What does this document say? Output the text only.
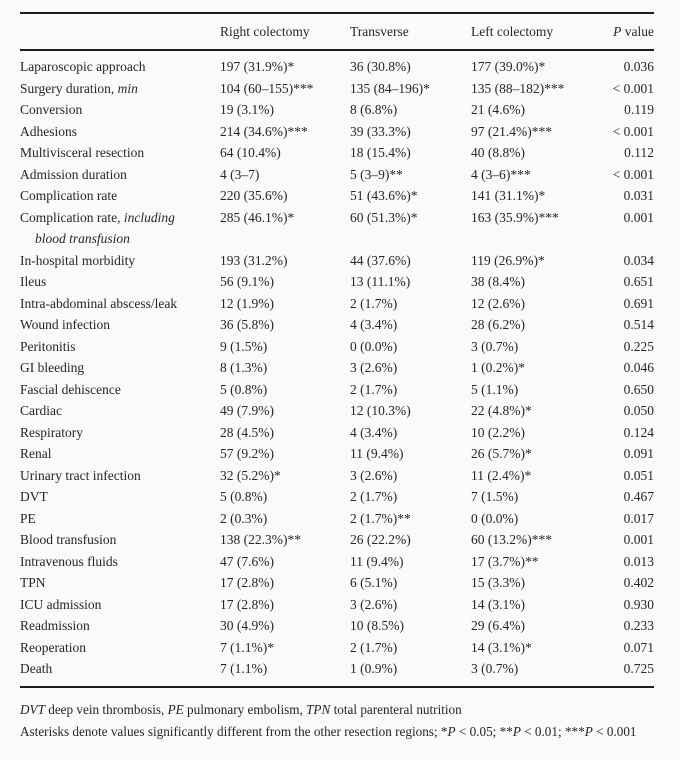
	Right colectomy	Transverse	Left colectomy	P value
Laparoscopic approach	197 (31.9%)*	36 (30.8%)	177 (39.0%)*	0.036
Surgery duration, min	104 (60–155)***	135 (84–196)*	135 (88–182)***	< 0.001
Conversion	19 (3.1%)	8 (6.8%)	21 (4.6%)	0.119
Adhesions	214 (34.6%)***	39 (33.3%)	97 (21.4%)***	< 0.001
Multivisceral resection	64 (10.4%)	18 (15.4%)	40 (8.8%)	0.112
Admission duration	4 (3–7)	5 (3–9)**	4 (3–6)***	< 0.001
Complication rate	220 (35.6%)	51 (43.6%)*	141 (31.1%)*	0.031
Complication rate, including
blood transfusion	285 (46.1%)*	60 (51.3%)*	163 (35.9%)***	0.001
In-hospital morbidity	193 (31.2%)	44 (37.6%)	119 (26.9%)*	0.034
Ileus	56 (9.1%)	13 (11.1%)	38 (8.4%)	0.651
Intra-abdominal abscess/leak	12 (1.9%)	2 (1.7%)	12 (2.6%)	0.691
Wound infection	36 (5.8%)	4 (3.4%)	28 (6.2%)	0.514
Peritonitis	9 (1.5%)	0 (0.0%)	3 (0.7%)	0.225
GI bleeding	8 (1.3%)	3 (2.6%)	1 (0.2%)*	0.046
Fascial dehiscence	5 (0.8%)	2 (1.7%)	5 (1.1%)	0.650
Cardiac	49 (7.9%)	12 (10.3%)	22 (4.8%)*	0.050
Respiratory	28 (4.5%)	4 (3.4%)	10 (2.2%)	0.124
Renal	57 (9.2%)	11 (9.4%)	26 (5.7%)*	0.091
Urinary tract infection	32 (5.2%)*	3 (2.6%)	11 (2.4%)*	0.051
DVT	5 (0.8%)	2 (1.7%)	7 (1.5%)	0.467
PE	2 (0.3%)	2 (1.7%)**	0 (0.0%)	0.017
Blood transfusion	138 (22.3%)**	26 (22.2%)	60 (13.2%)***	0.001
Intravenous fluids	47 (7.6%)	11 (9.4%)	17 (3.7%)**	0.013
TPN	17 (2.8%)	6 (5.1%)	15 (3.3%)	0.402
ICU admission	17 (2.8%)	3 (2.6%)	14 (3.1%)	0.930
Readmission	30 (4.9%)	10 (8.5%)	29 (6.4%)	0.233
Reoperation	7 (1.1%)*	2 (1.7%)	14 (3.1%)*	0.071
Death	7 (1.1%)	1 (0.9%)	3 (0.7%)	0.725

DVT deep vein thrombosis, PE pulmonary embolism, TPN total parenteral nutrition

Asterisks denote values significantly different from the other resection regions; *P < 0.05; **P < 0.01; ***P < 0.001
